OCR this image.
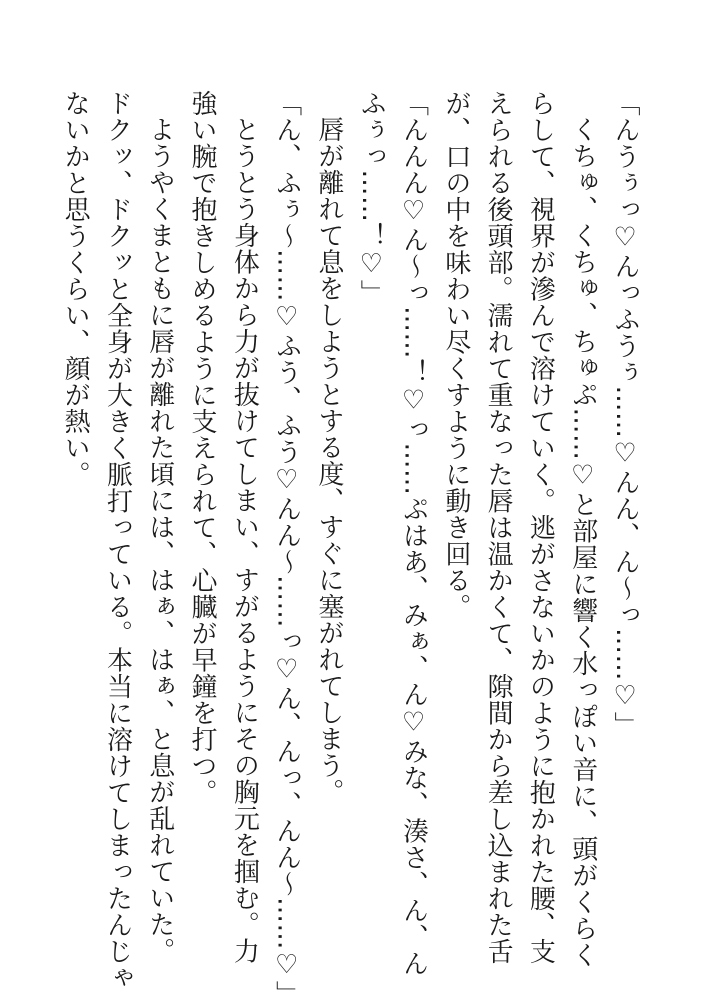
「んうぅっ♡んっふうぅ……♡んん、ん〜っ……♡」

くちゅ、くちゅ、ちゅぷ……♡と部屋に響く水っぽい音に、頭がくらく

らして、視界が滲んで溶けていく。逃がさないかのように抱かれた腰、支

えられる後頭部。濡れて重なった唇は温かくて、隙間から差し込まれた舌

が、口の中を味わい尽くすように動き回る。

「んんん♡ん〜っ……！♡っ……ぷはあ、みぁ、ん♡みな、湊さ、ん、ん

ふぅっ……！♡」

唇が離れて息をしようとする度、すぐに塞がれてしまう。

「ん、ふぅ〜……♡ふう、ふう♡んん〜……っ♡ん、んっ、んん〜……♡」

とうとう身体から力が抜けてしまい、すがるようにその胸元を掴む。力

強い腕で抱きしめるように支えられて、心臓が早鐘を打つ。

ようやくまともに唇が離れた頃には、はぁ、はぁ、と息が乱れていた。

ドクッ、ドクッと全身が大きく脈打っている。本当に溶けてしまったんじゃ

ないかと思うくらい、顔が熱い。
